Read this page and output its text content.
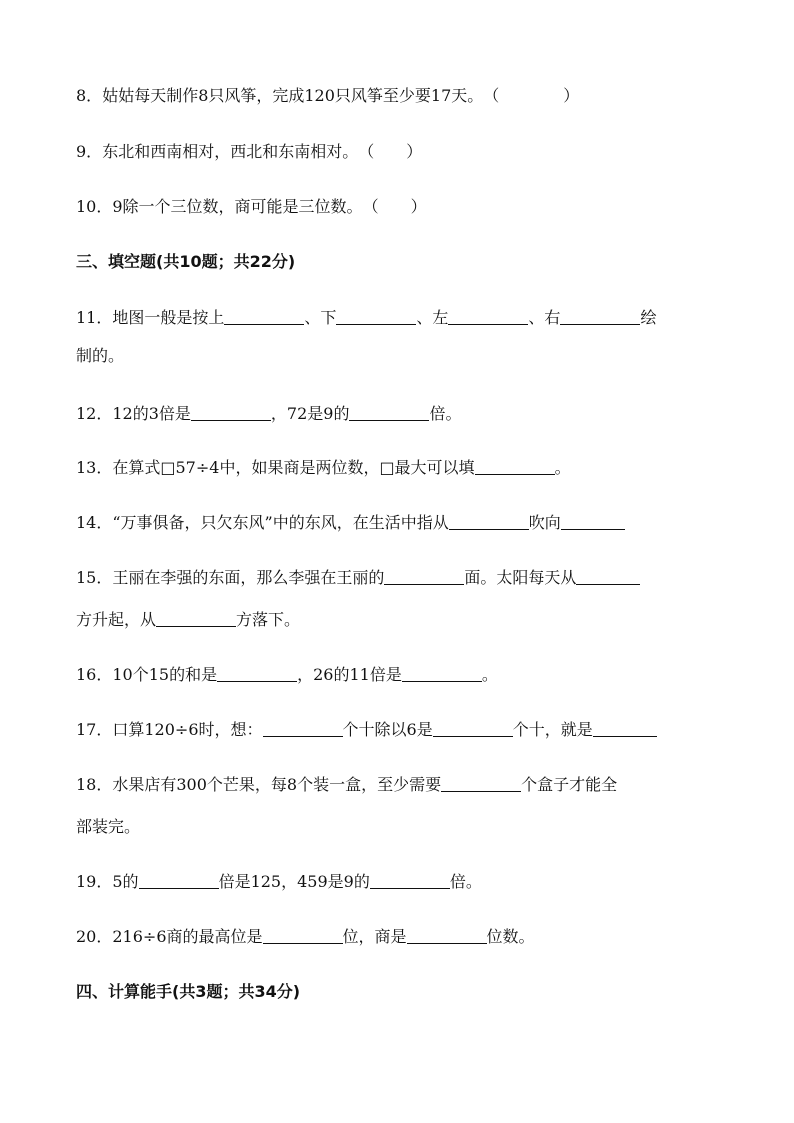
8．姑姑每天制作8只风筝，完成120只风筝至少要17天。（　　　　）
9．东北和西南相对，西北和东南相对。（　　）
10．9除一个三位数，商可能是三位数。（　　）
三、填空题(共10题；共22分)
11．地图一般是按上	、下	、左	、右	绘
制的。
12．12的3倍是	，72是9的	倍。
13．在算式□57÷4中，如果商是两位数，□最大可以填	。
14．“万事俱备，只欠东风”中的东风，在生活中指从	吹向
15．王丽在李强的东面，那么李强在王丽的	面。太阳每天从
方升起，从	方落下。
16．10个15的和是	，26的11倍是	。
17．口算120÷6时，想：	个十除以6是	个十，就是
18．水果店有300个芒果，每8个装一盒，至少需要	个盒子才能全
部装完。
19．5的	倍是125，459是9的	倍。
20．216÷6商的最高位是	位，商是	位数。
四、计算能手(共3题；共34分)
